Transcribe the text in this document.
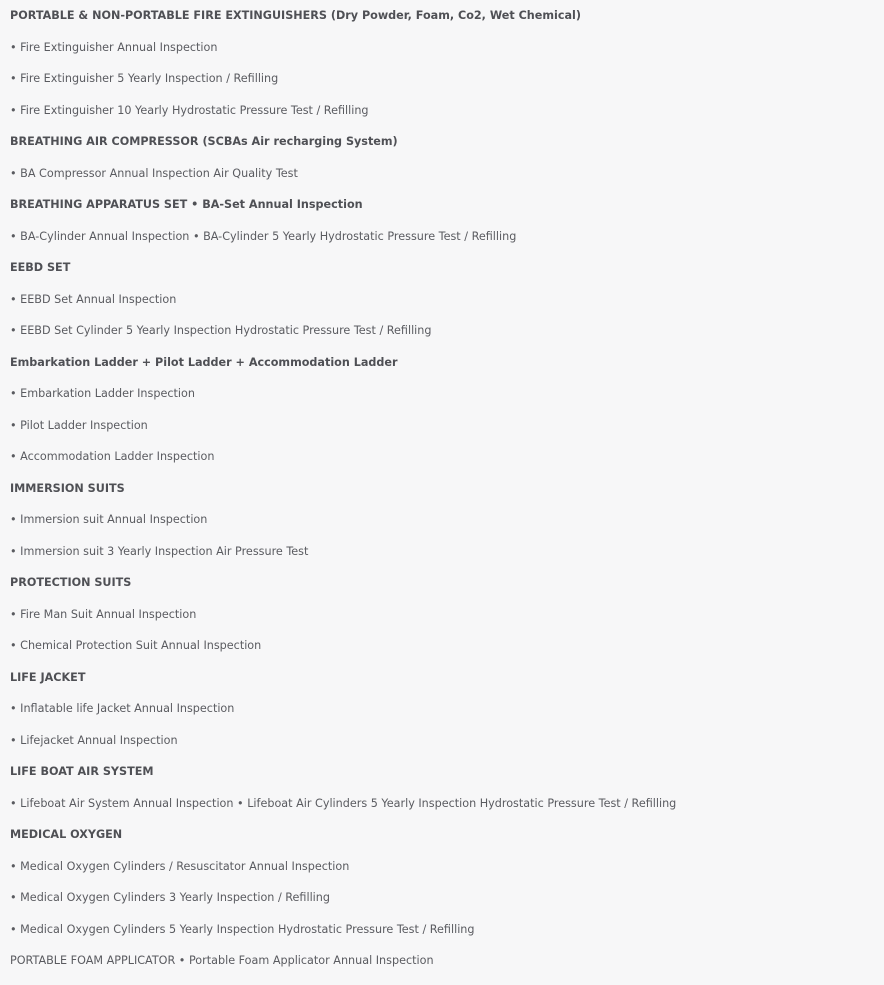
PORTABLE & NON-PORTABLE FIRE EXTINGUISHERS (Dry Powder, Foam, Co2, Wet Chemical)
• Fire Extinguisher Annual Inspection
• Fire Extinguisher 5 Yearly Inspection / Refilling
• Fire Extinguisher 10 Yearly Hydrostatic Pressure Test / Refilling
BREATHING AIR COMPRESSOR (SCBAs Air recharging System)
• BA Compressor Annual Inspection Air Quality Test
BREATHING APPARATUS SET • BA-Set Annual Inspection
• BA-Cylinder Annual Inspection • BA-Cylinder 5 Yearly Hydrostatic Pressure Test / Refilling
EEBD SET
• EEBD Set Annual Inspection
• EEBD Set Cylinder 5 Yearly Inspection Hydrostatic Pressure Test / Refilling
Embarkation Ladder + Pilot Ladder + Accommodation Ladder
• Embarkation Ladder Inspection
• Pilot Ladder Inspection
• Accommodation Ladder Inspection
IMMERSION SUITS
• Immersion suit Annual Inspection
• Immersion suit 3 Yearly Inspection Air Pressure Test
PROTECTION SUITS
• Fire Man Suit Annual Inspection
• Chemical Protection Suit Annual Inspection
LIFE JACKET
• Inflatable life Jacket Annual Inspection
• Lifejacket Annual Inspection
LIFE BOAT AIR SYSTEM
• Lifeboat Air System Annual Inspection • Lifeboat Air Cylinders 5 Yearly Inspection Hydrostatic Pressure Test / Refilling
MEDICAL OXYGEN
• Medical Oxygen Cylinders / Resuscitator Annual Inspection
• Medical Oxygen Cylinders 3 Yearly Inspection / Refilling
• Medical Oxygen Cylinders 5 Yearly Inspection Hydrostatic Pressure Test / Refilling
PORTABLE FOAM APPLICATOR • Portable Foam Applicator Annual Inspection
